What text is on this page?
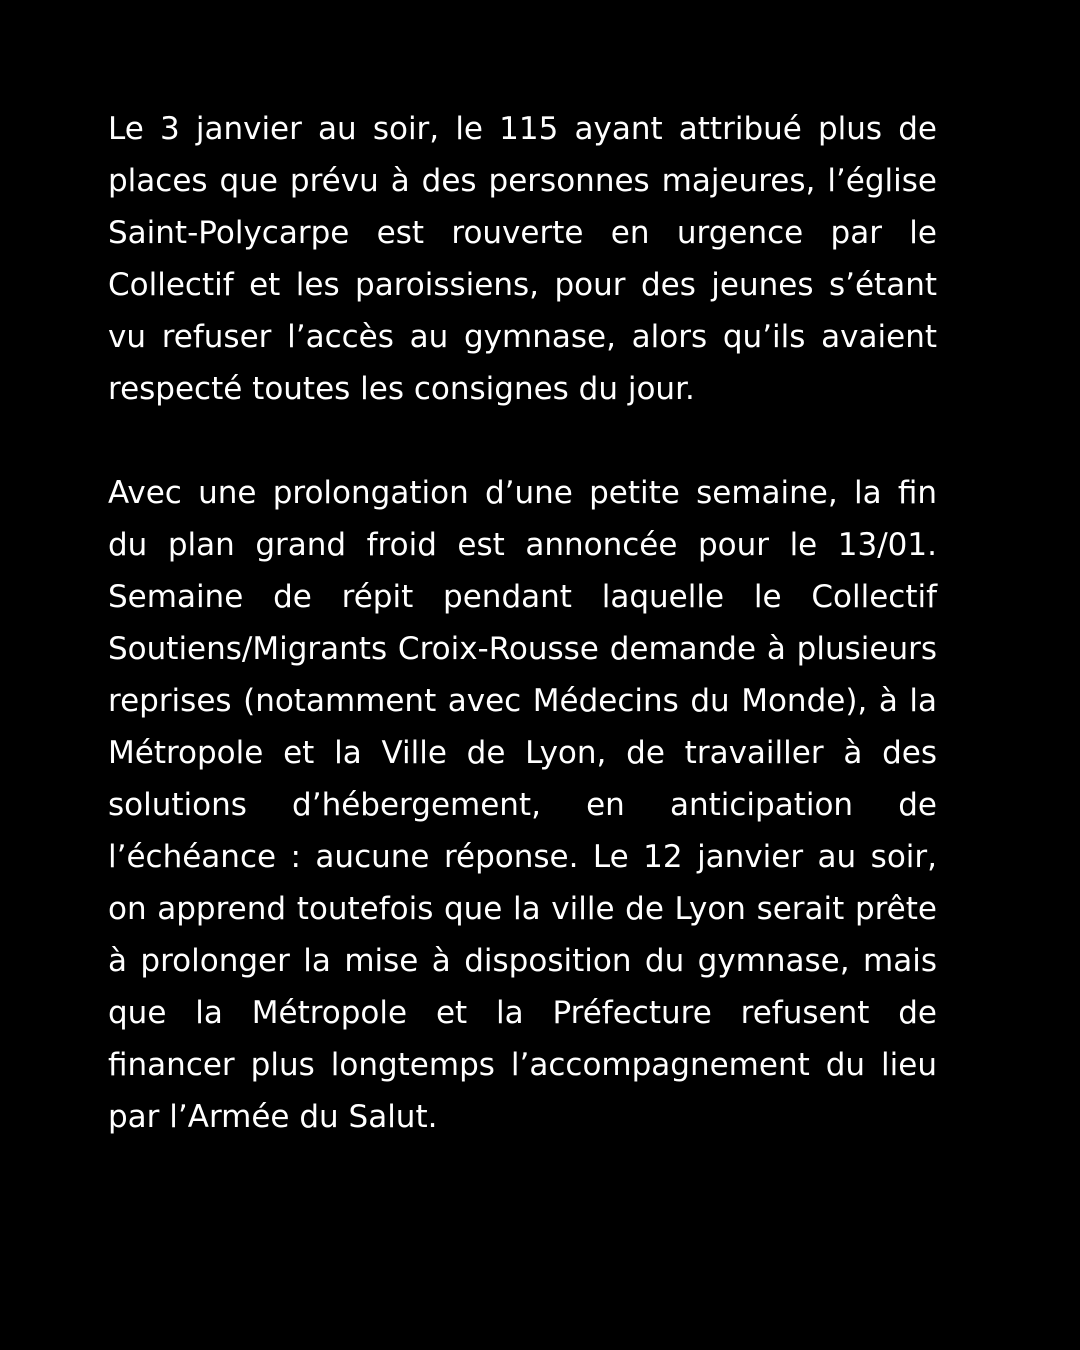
Le 3 janvier au soir, le 115 ayant attribué plus de places que prévu à des personnes majeures, l’église Saint-Polycarpe est rouverte en urgence par le Collectif et les paroissiens, pour des jeunes s’étant vu refuser l’accès au gymnase, alors qu’ils avaient respecté toutes les consignes du jour.

Avec une prolongation d’une petite semaine, la fin du plan grand froid est annoncée pour le 13/01. Semaine de répit pendant laquelle le Collectif Soutiens/Migrants Croix-Rousse demande à plusieurs reprises (notamment avec Médecins du Monde), à la Métropole et la Ville de Lyon, de travailler à des solutions d’hébergement, en anticipation de l’échéance : aucune réponse. Le 12 janvier au soir, on apprend toutefois que la ville de Lyon serait prête à prolonger la mise à disposition du gymnase, mais que la Métropole et la Préfecture refusent de financer plus longtemps l’accompagnement du lieu par l’Armée du Salut.
